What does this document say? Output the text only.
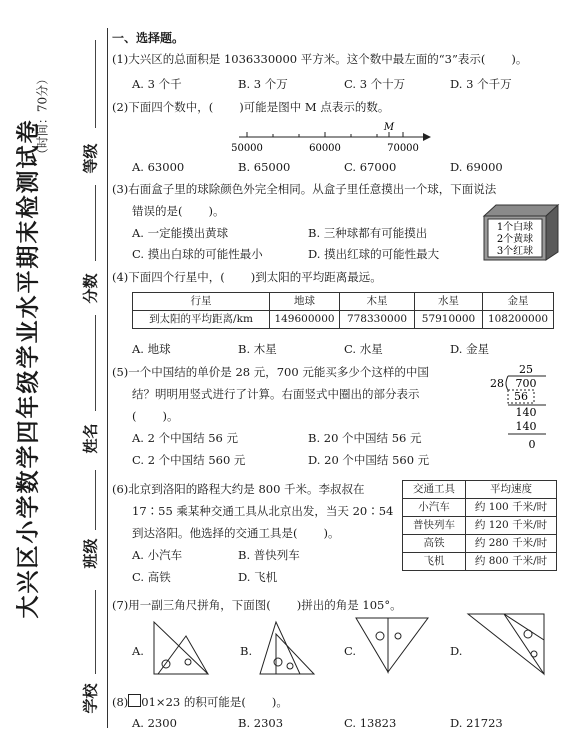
大兴区小学数学四年级学业水平期末检测试卷
（时间：70分） 等级
分数
姓名
班级
学校
一、选择题。
(1)大兴区的总面积是 1036330000 平方米。这个数中最左面的“3”表示( )。
A. 3 个千	B. 3 个万	C. 3 个十万	D. 3 个千万
(2)下面四个数中，( )可能是图中 M 点表示的数。
50000	60000	70000
M
A. 63000	B. 65000	C. 67000	D. 69000
(3)右面盒子里的球除颜色外完全相同。从盒子里任意摸出一个球，下面说法
错误的是( )。
A. 一定能摸出黄球	B. 三种球都有可能摸出
C. 摸出白球的可能性最小	D. 摸出红球的可能性最大
1个白球
2个黄球
3个红球
(4)下面四个行星中，( )到太阳的平均距离最远。
行星	地球	木星	水星	金星
到太阳的平均距离/km	149600000	778330000	57910000	108200000
A. 地球	B. 木星	C. 水星	D. 金星
(5)一个中国结的单价是 28 元，700 元能买多少个这样的中国
结？明明用竖式进行了计算。右面竖式中圈出的部分表示
( )。
A. 2 个中国结 56 元	B. 20 个中国结 56 元
C. 2 个中国结 560 元	D. 20 个中国结 560 元
25
28 700
56
140
140
0
(6)北京到洛阳的路程大约是 800 千米。李叔叔在
17∶55 乘某种交通工具从北京出发，当天 20∶54
到达洛阳。他选择的交通工具是( )。
A. 小汽车	B. 普快列车
C. 高铁	D. 飞机
交通工具	平均速度
小汽车	约 100 千米/时
普快列车	约 120 千米/时
高铁	约 280 千米/时
飞机	约 800 千米/时
(7)用一副三角尺拼角，下面图( )拼出的角是 105°。
A.	B.	C.	D.
(8) 01×23 的积可能是( )。
A. 2300	B. 2303	C. 13823	D. 21723
